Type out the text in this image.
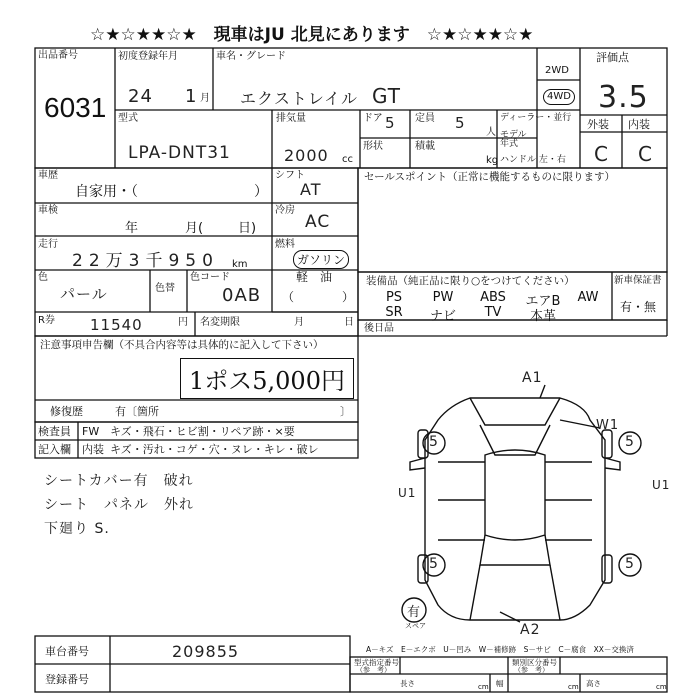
☆★☆★★☆★　現車はJU 北見にあります　☆★☆★★☆★
出品番号
6031
初度登録年月
24 1 月
車名・グレード
エクストレイル GT
2WD
4WD
評価点
3.5
外装 内装
C C
型式
LPA-DNT31
排気量
2000 cc
ドア 5 定員 5
人
ディーラー・並行
モデル年式
形状	積載
kg ハンドル 左・右
車歴
自家用・（	）
シフト
AT
車検
年	月(	日)
冷房
AC
走行
22万3千950 km
燃料
ガソリン
軽　油
（　　　　）
色
パール	色替
色コード
0AB
R券 11540	円 名変期限	月	日
セールスポイント（正常に機能するものに限ります）
装備品（純正品に限り○をつけてください）
PS	PW	ABS	エアB	AW
SR	ナビ	TV	本革
新車保証書
有・無
後日品
注意事項申告欄（不具合内容等は具体的に記入して下さい）
1ポス5,000円
修復歴	有〔箇所	〕
検査員 FW キズ・飛石・ヒビ割・リペア跡・×要
記入欄 内装 キズ・汚れ・コゲ・穴・ヌレ・キレ・破レ
シートカバー有　破れ
シート　パネル　外れ
下廻り S.
A1
A2
W1
U1
U1
5	5
5	5
有
スペア
A－キズ　E－エクボ　U－凹み　W－補修跡　S－サビ　C－腐食　XX－交換済
車台番号	209855
登録番号
型式指定番号
（参　考）
類別区分番号
（参　考）
長さ	cm 幅	cm 高さ	cm
